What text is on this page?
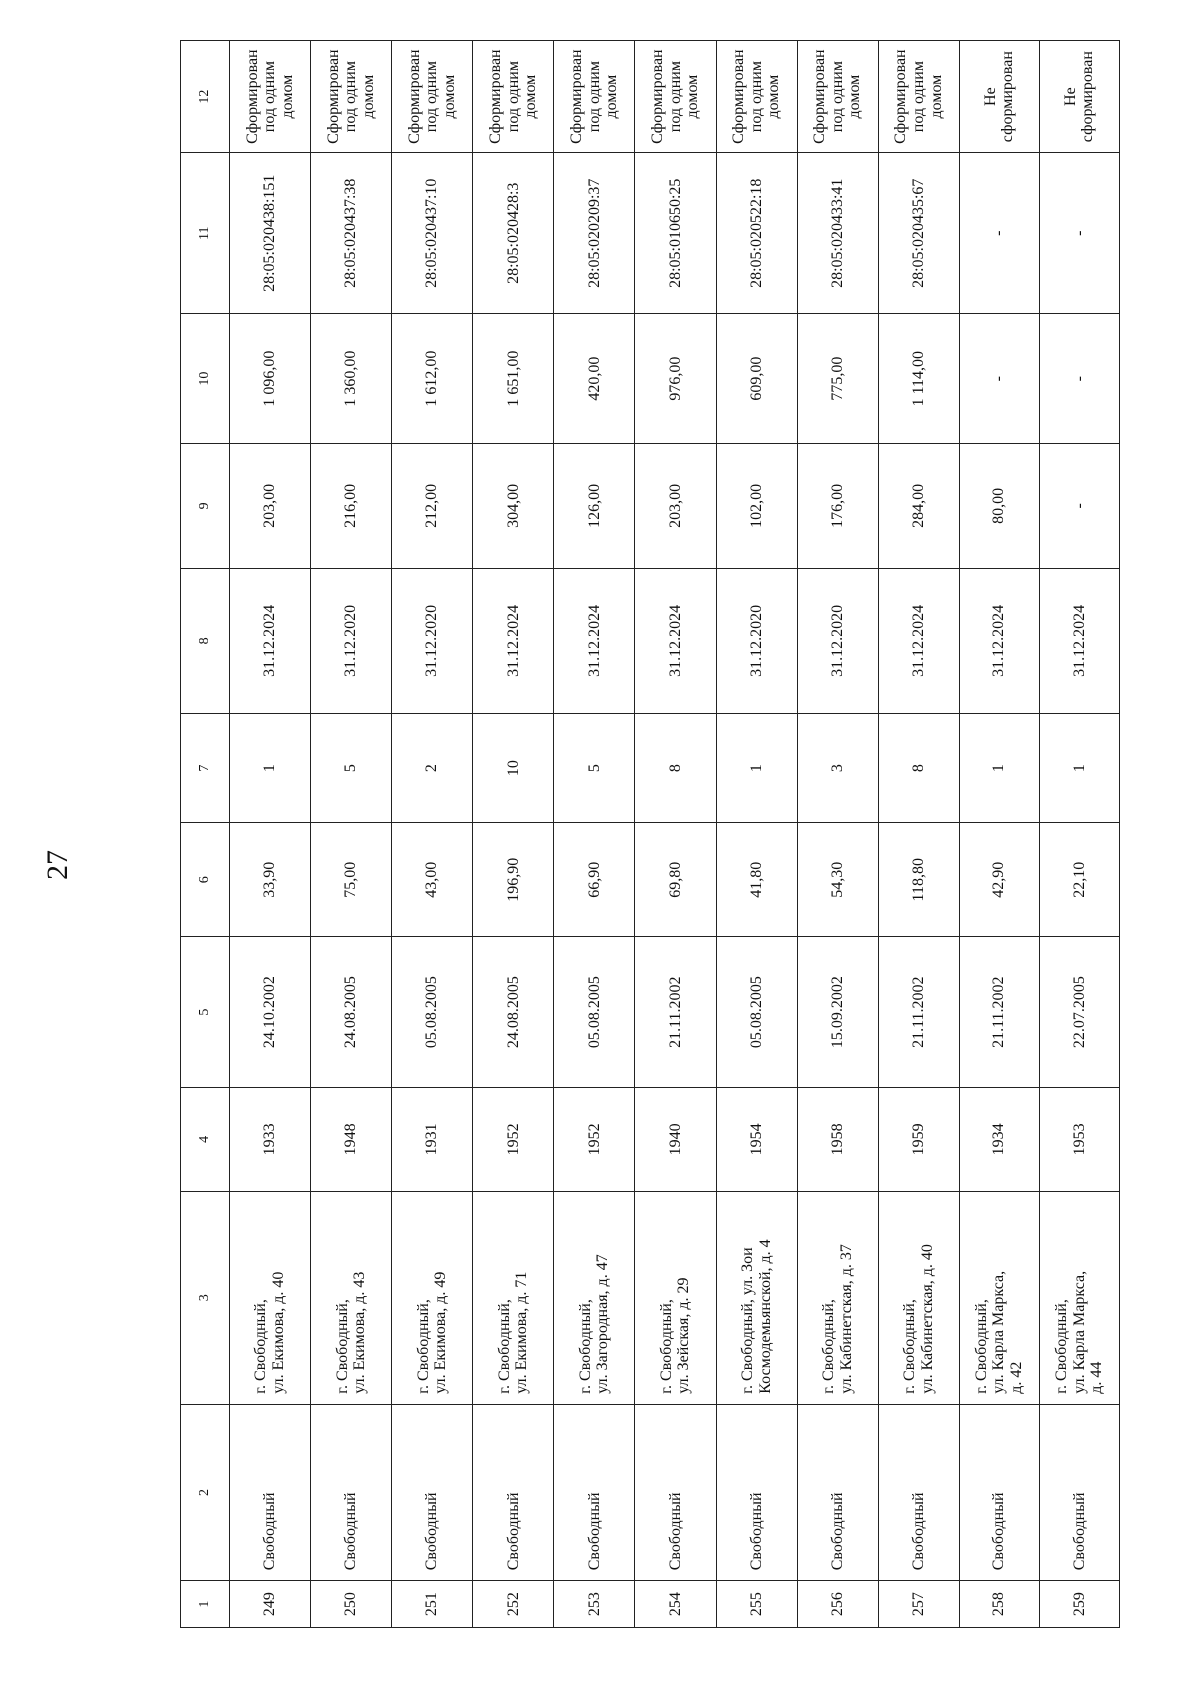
27
1	2	3	4	5	6	7	8	9	10	11	12
249	Свободный	г. Свободный,
ул. Екимова, д. 40	1933	24.10.2002	33,90	1	31.12.2024	203,00	1 096,00	28:05:020438:151	Сформирован
под одним
домом
250	Свободный	г. Свободный,
ул. Екимова, д. 43	1948	24.08.2005	75,00	5	31.12.2020	216,00	1 360,00	28:05:020437:38	Сформирован
под одним
домом
251	Свободный	г. Свободный,
ул. Екимова, д. 49	1931	05.08.2005	43,00	2	31.12.2020	212,00	1 612,00	28:05:020437:10	Сформирован
под одним
домом
252	Свободный	г. Свободный,
ул. Екимова, д. 71	1952	24.08.2005	196,90	10	31.12.2024	304,00	1 651,00	28:05:020428:3	Сформирован
под одним
домом
253	Свободный	г. Свободный,
ул. Загородная, д. 47	1952	05.08.2005	66,90	5	31.12.2024	126,00	420,00	28:05:020209:37	Сформирован
под одним
домом
254	Свободный	г. Свободный,
ул. Зейская, д. 29	1940	21.11.2002	69,80	8	31.12.2024	203,00	976,00	28:05:010650:25	Сформирован
под одним
домом
255	Свободный	г. Свободный, ул. Зои
Космодемьянской, д. 4	1954	05.08.2005	41,80	1	31.12.2020	102,00	609,00	28:05:020522:18	Сформирован
под одним
домом
256	Свободный	г. Свободный,
ул. Кабинетская, д. 37	1958	15.09.2002	54,30	3	31.12.2020	176,00	775,00	28:05:020433:41	Сформирован
под одним
домом
257	Свободный	г. Свободный,
ул. Кабинетская, д. 40	1959	21.11.2002	118,80	8	31.12.2024	284,00	1 114,00	28:05:020435:67	Сформирован
под одним
домом
258	Свободный	г. Свободный,
ул. Карла Маркса,
д. 42	1934	21.11.2002	42,90	1	31.12.2024	80,00	-	-	Не
сформирован
259	Свободный	г. Свободный,
ул. Карла Маркса,
д. 44	1953	22.07.2005	22,10	1	31.12.2024	-	-	-	Не
сформирован
